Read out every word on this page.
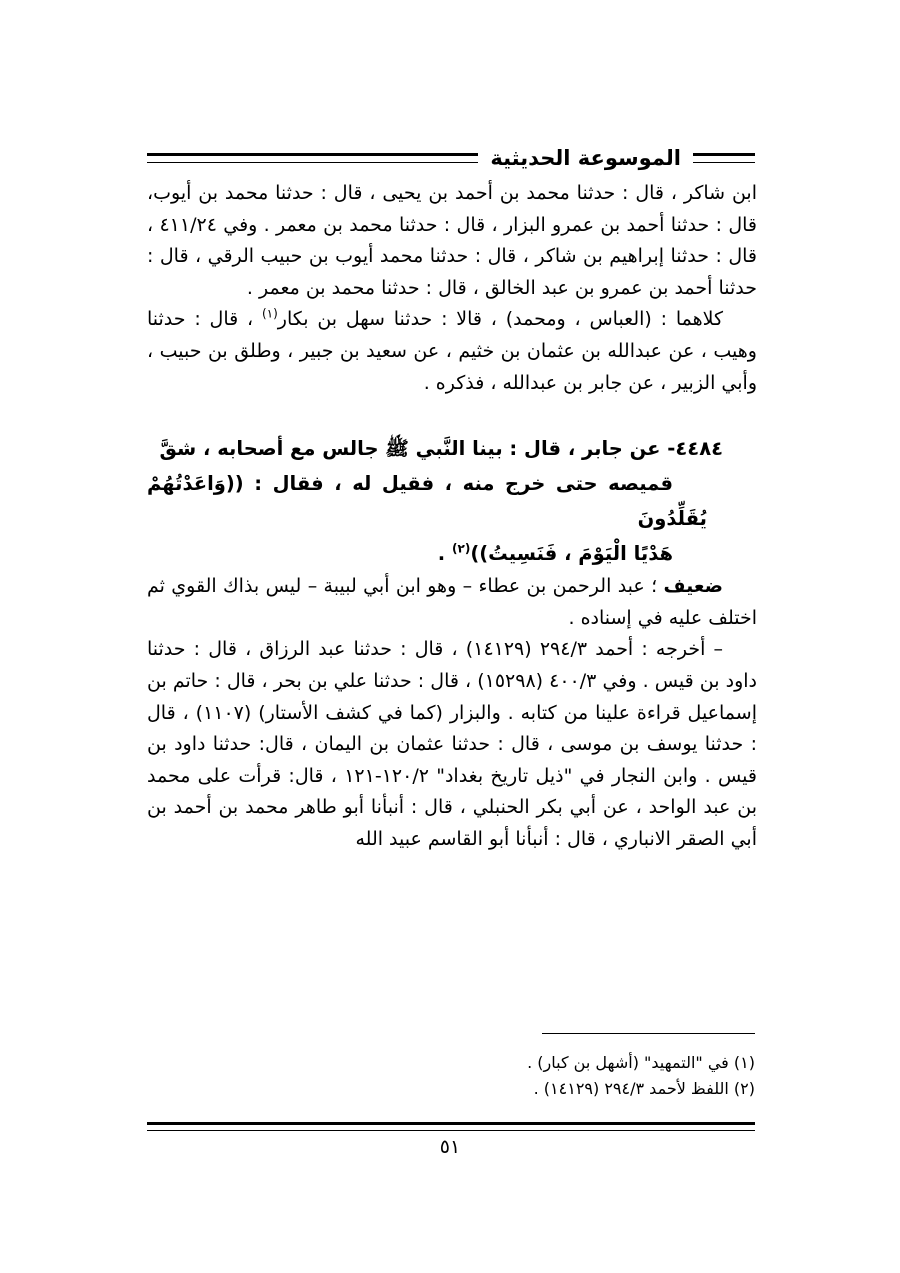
الموسوعة الحديثية

ابن شاكر ، قال : حدثنا محمد بن أحمد بن يحيى ، قال : حدثنا محمد بن أيوب، قال : حدثنا أحمد بن عمرو البزار ، قال : حدثنا محمد بن معمر . وفي ٤١١/٢٤ ، قال : حدثنا إبراهيم بن شاكر ، قال : حدثنا محمد أيوب بن حبيب الرقي ، قال : حدثنا أحمد بن عمرو بن عبد الخالق ، قال : حدثنا محمد بن معمر .

كلاهما : (العباس ، ومحمد) ، قالا : حدثنا سهل بن بكار$^{(١)}$ ، قال : حدثنا وهيب ، عن عبدالله بن عثمان بن خثيم ، عن سعيد بن جبير ، وطلق بن حبيب ، وأبي الزبير ، عن جابر بن عبدالله ، فذكره .

٤٤٨٤- عن جابر ، قال : بينا النَّبي ﷺ جالس مع أصحابه ، شقَّ
قميصه حتى خرج منه ، فقيل له ، فقال : ((وَاعَدْتُهُمْ يُقَلِّدُونَ
هَدْيًا الْيَوْمَ ، فَنَسِيتُ))$^{(٢)}$ .

ضعيف ؛ عبد الرحمن بن عطاء – وهو ابن أبي لبيبة – ليس بذاك القوي ثم اختلف عليه في إسناده .

– أخرجه : أحمد ٢٩٤/٣ (١٤١٢٩) ، قال : حدثنا عبد الرزاق ، قال : حدثنا داود بن قيس . وفي ٤٠٠/٣ (١٥٢٩٨) ، قال : حدثنا علي بن بحر ، قال : حاتم بن إسماعيل قراءة علينا من كتابه . والبزار (كما في كشف الأستار) (١١٠٧) ، قال : حدثنا يوسف بن موسى ، قال : حدثنا عثمان بن اليمان ، قال: حدثنا داود بن قيس . وابن النجار في "ذيل تاريخ بغداد" ١٢٠/٢-١٢١ ، قال: قرأت على محمد بن عبد الواحد ، عن أبي بكر الحنبلي ، قال : أنبأنا أبو طاهر محمد بن أحمد بن أبي الصقر الانباري ، قال : أنبأنا أبو القاسم عبيد الله

(١) في "التمهيد" (أشهل بن كبار) .

(٢) اللفظ لأحمد ٢٩٤/٣ (١٤١٢٩) .

٥١
